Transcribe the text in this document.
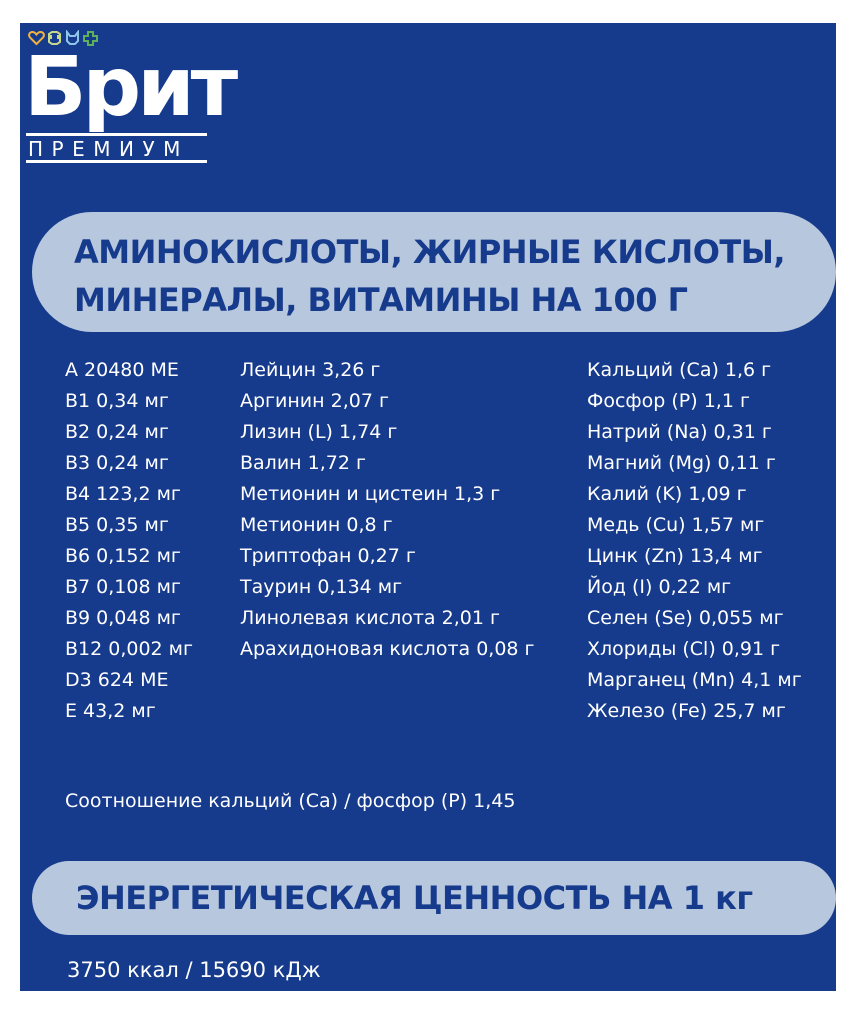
Брит
ПРЕМИУМ
АМИНОКИСЛОТЫ, ЖИРНЫЕ КИСЛОТЫ,
МИНЕРАЛЫ, ВИТАМИНЫ НА 100 Г
A 20480 МЕ
B1 0,34 мг
B2 0,24 мг
B3 0,24 мг
B4 123,2 мг
B5 0,35 мг
B6 0,152 мг
B7 0,108 мг
B9 0,048 мг
B12 0,002 мг
D3 624 МЕ
E 43,2 мг
Лейцин 3,26 г
Аргинин 2,07 г
Лизин (L) 1,74 г
Валин 1,72 г
Метионин и цистеин 1,3 г
Метионин 0,8 г
Триптофан 0,27 г
Таурин 0,134 мг
Линолевая кислота 2,01 г
Арахидоновая кислота 0,08 г
Кальций (Ca) 1,6 г
Фосфор (P) 1,1 г
Натрий (Na) 0,31 г
Магний (Mg) 0,11 г
Калий (K) 1,09 г
Медь (Cu) 1,57 мг
Цинк (Zn) 13,4 мг
Йод (I) 0,22 мг
Селен (Se) 0,055 мг
Хлориды (Cl) 0,91 г
Марганец (Mn) 4,1 мг
Железо (Fe) 25,7 мг
Соотношение кальций (Ca) / фосфор (P) 1,45
ЭНЕРГЕТИЧЕСКАЯ ЦЕННОСТЬ НА 1 кг
3750 ккал / 15690 кДж
